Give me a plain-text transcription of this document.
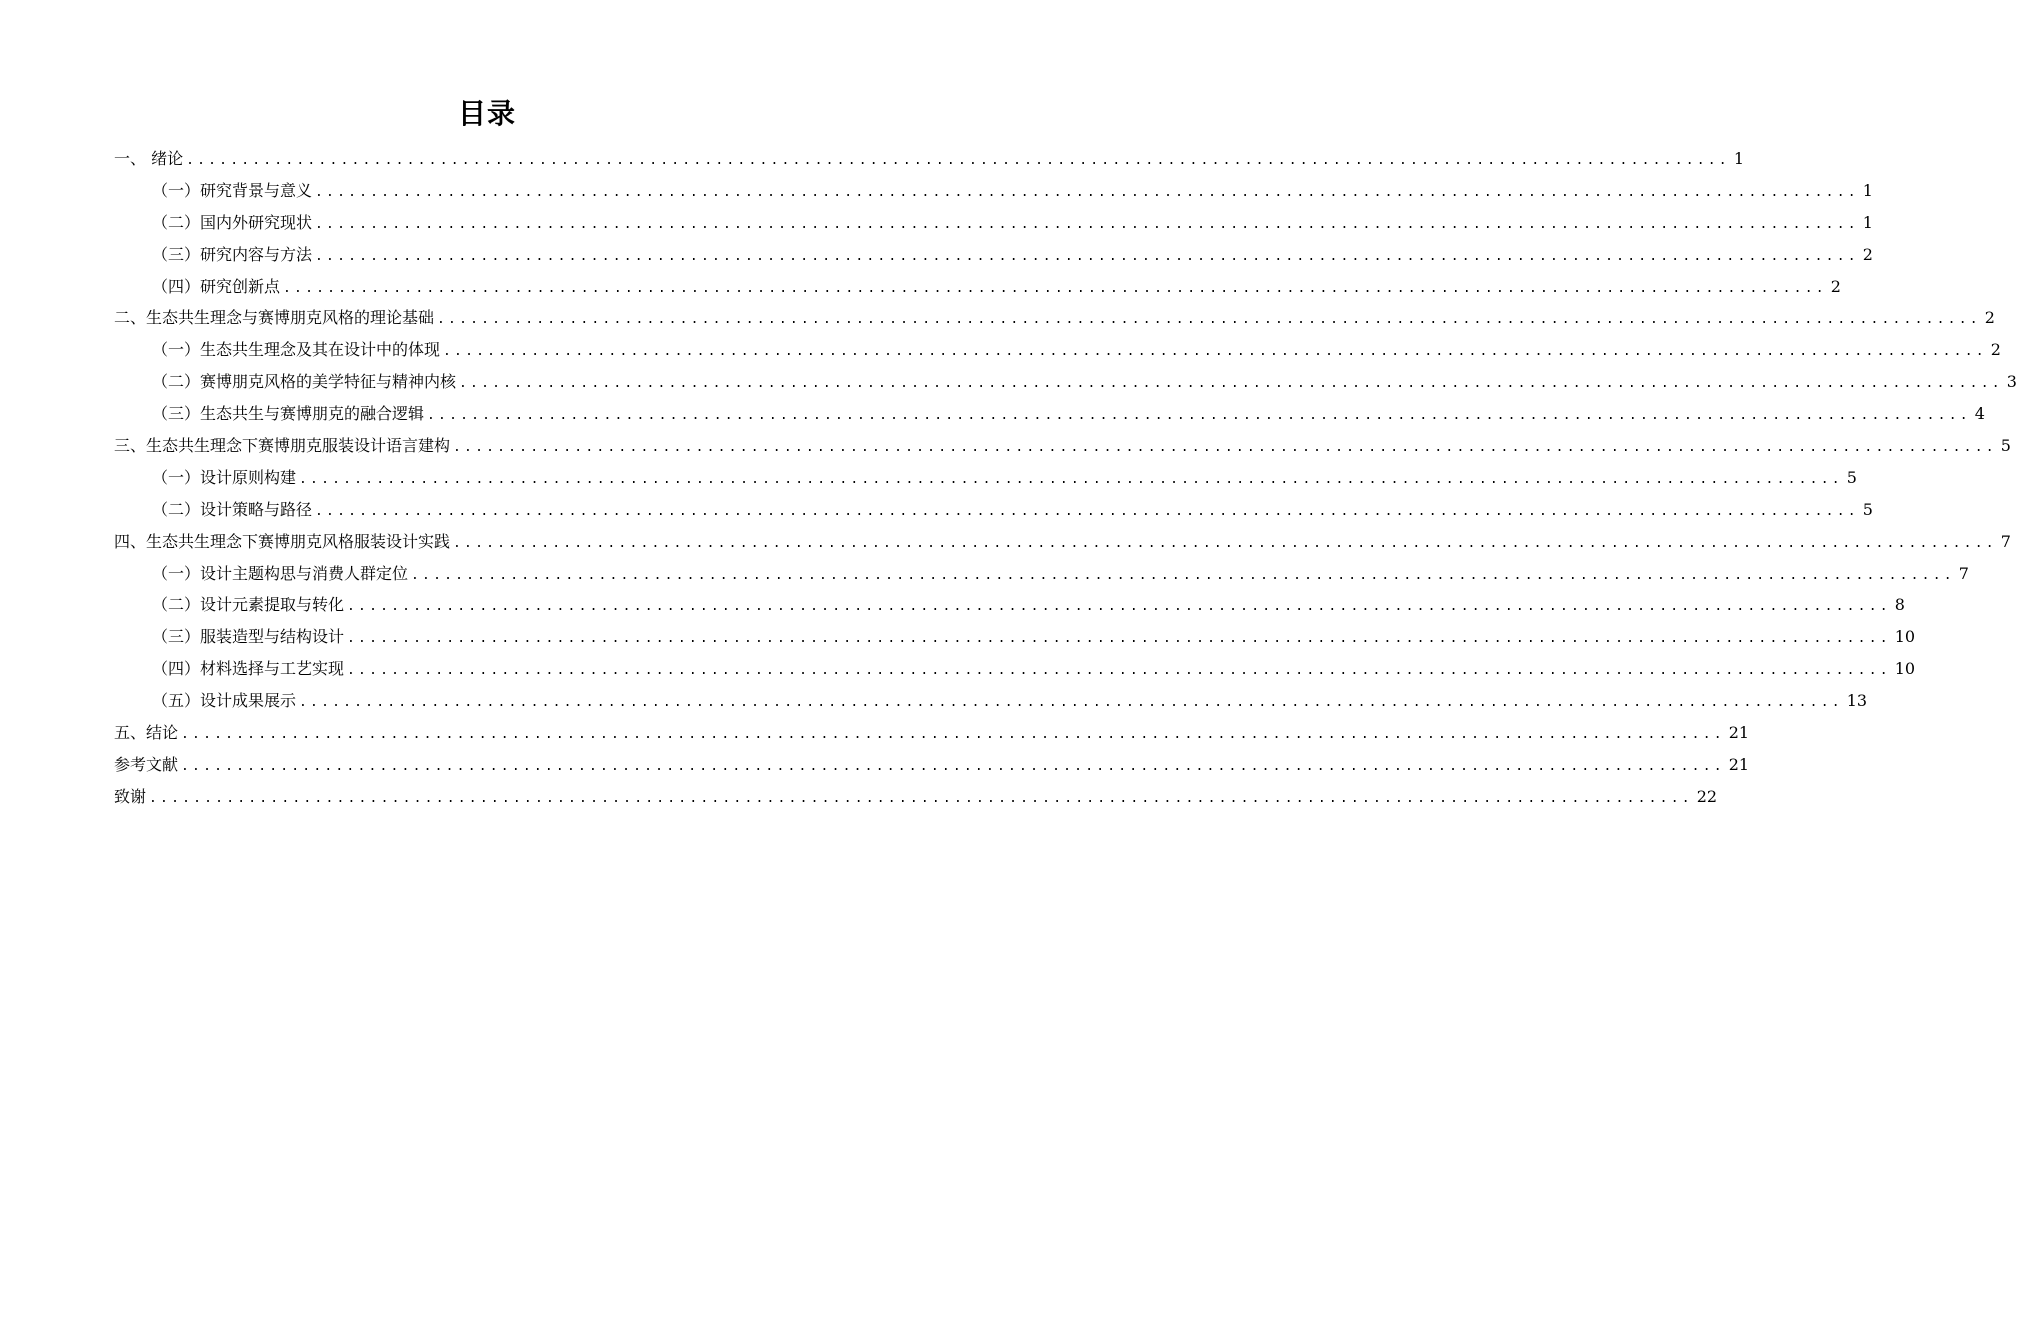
目录
一、 绪论 ............................................................................................................................................ 1
（一）研究背景与意义 ............................................................................................................................................ 1
（二）国内外研究现状 ............................................................................................................................................ 1
（三）研究内容与方法 ............................................................................................................................................ 2
（四）研究创新点 ............................................................................................................................................ 2
二、生态共生理念与赛博朋克风格的理论基础 ............................................................................................................................................ 2
（一）生态共生理念及其在设计中的体现 ............................................................................................................................................ 2
（二）赛博朋克风格的美学特征与精神内核 ............................................................................................................................................ 3
（三）生态共生与赛博朋克的融合逻辑 ............................................................................................................................................ 4
三、生态共生理念下赛博朋克服装设计语言建构 ............................................................................................................................................ 5
（一）设计原则构建 ............................................................................................................................................ 5
（二）设计策略与路径 ............................................................................................................................................ 5
四、生态共生理念下赛博朋克风格服装设计实践 ............................................................................................................................................ 7
（一）设计主题构思与消费人群定位 ............................................................................................................................................ 7
（二）设计元素提取与转化 ............................................................................................................................................ 8
（三）服装造型与结构设计 ............................................................................................................................................ 10
（四）材料选择与工艺实现 ............................................................................................................................................ 10
（五）设计成果展示 ............................................................................................................................................ 13
五、结论 ............................................................................................................................................ 21
参考文献 ............................................................................................................................................ 21
致谢 ............................................................................................................................................ 22
